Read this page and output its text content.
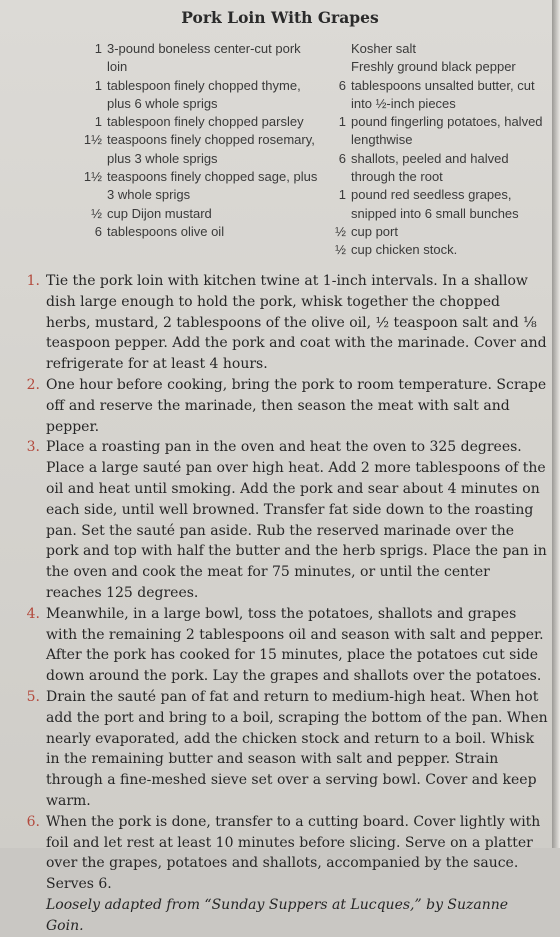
Pork Loin With Grapes
1 3-pound boneless center-cut pork loin
1 tablespoon finely chopped thyme, plus 6 whole sprigs
1 tablespoon finely chopped parsley
1½ teaspoons finely chopped rosemary, plus 3 whole sprigs
1½ teaspoons finely chopped sage, plus 3 whole sprigs
½ cup Dijon mustard
6 tablespoons olive oil
Kosher salt
Freshly ground black pepper
6 tablespoons unsalted butter, cut into ½-inch pieces
1 pound fingerling potatoes, halved lengthwise
6 shallots, peeled and halved through the root
1 pound red seedless grapes, snipped into 6 small bunches
½ cup port
½ cup chicken stock.
1. Tie the pork loin with kitchen twine at 1-inch intervals. In a shallow dish large enough to hold the pork, whisk together the chopped herbs, mustard, 2 tablespoons of the olive oil, ½ teaspoon salt and ⅛ teaspoon pepper. Add the pork and coat with the marinade. Cover and refrigerate for at least 4 hours.
2. One hour before cooking, bring the pork to room temperature. Scrape off and reserve the marinade, then season the meat with salt and pepper.
3. Place a roasting pan in the oven and heat the oven to 325 degrees. Place a large sauté pan over high heat. Add 2 more tablespoons of the oil and heat until smoking. Add the pork and sear about 4 minutes on each side, until well browned. Transfer fat side down to the roasting pan. Set the sauté pan aside. Rub the reserved marinade over the pork and top with half the butter and the herb sprigs. Place the pan in the oven and cook the meat for 75 minutes, or until the center reaches 125 degrees.
4. Meanwhile, in a large bowl, toss the potatoes, shallots and grapes with the remaining 2 tablespoons oil and season with salt and pepper. After the pork has cooked for 15 minutes, place the potatoes cut side down around the pork. Lay the grapes and shallots over the potatoes.
5. Drain the sauté pan of fat and return to medium-high heat. When hot add the port and bring to a boil, scraping the bottom of the pan. When nearly evaporated, add the chicken stock and return to a boil. Whisk in the remaining butter and season with salt and pepper. Strain through a fine-meshed sieve set over a serving bowl. Cover and keep warm.
6. When the pork is done, transfer to a cutting board. Cover lightly with foil and let rest at least 10 minutes before slicing. Serve on a platter over the grapes, potatoes and shallots, accompanied by the sauce. Serves 6.
Loosely adapted from “Sunday Suppers at Lucques,” by Suzanne Goin.
